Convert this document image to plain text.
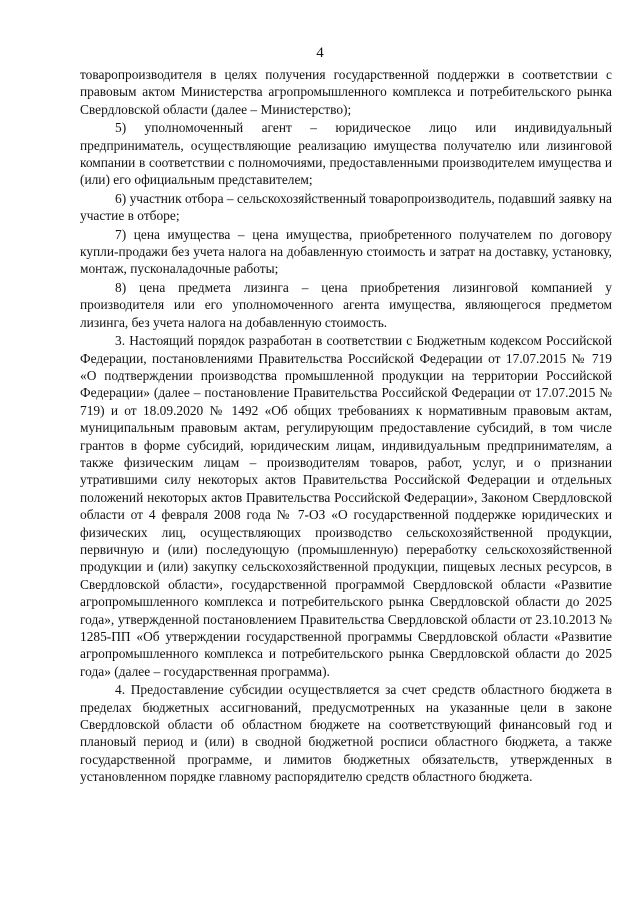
4

товаропроизводителя в целях получения государственной поддержки в соответствии с правовым актом Министерства агропромышленного комплекса и потребительского рынка Свердловской области (далее – Министерство);

5) уполномоченный агент – юридическое лицо или индивидуальный предприниматель, осуществляющие реализацию имущества получателю или лизинговой компании в соответствии с полномочиями, предоставленными производителем имущества и (или) его официальным представителем;

6) участник отбора – сельскохозяйственный товаропроизводитель, подавший заявку на участие в отборе;

7) цена имущества – цена имущества, приобретенного получателем по договору купли-продажи без учета налога на добавленную стоимость и затрат на доставку, установку, монтаж, пусконаладочные работы;

8) цена предмета лизинга – цена приобретения лизинговой компанией у производителя или его уполномоченного агента имущества, являющегося предметом лизинга, без учета налога на добавленную стоимость.

3. Настоящий порядок разработан в соответствии с Бюджетным кодексом Российской Федерации, постановлениями Правительства Российской Федерации от 17.07.2015 № 719 «О подтверждении производства промышленной продукции на территории Российской Федерации» (далее – постановление Правительства Российской Федерации от 17.07.2015 № 719) и от 18.09.2020 № 1492 «Об общих требованиях к нормативным правовым актам, муниципальным правовым актам, регулирующим предоставление субсидий, в том числе грантов в форме субсидий, юридическим лицам, индивидуальным предпринимателям, а также физическим лицам – производителям товаров, работ, услуг, и о признании утратившими силу некоторых актов Правительства Российской Федерации и отдельных положений некоторых актов Правительства Российской Федерации», Законом Свердловской области от 4 февраля 2008 года № 7-ОЗ «О государственной поддержке юридических и физических лиц, осуществляющих производство сельскохозяйственной продукции, первичную и (или) последующую (промышленную) переработку сельскохозяйственной продукции и (или) закупку сельскохозяйственной продукции, пищевых лесных ресурсов, в Свердловской области», государственной программой Свердловской области «Развитие агропромышленного комплекса и потребительского рынка Свердловской области до 2025 года», утвержденной постановлением Правительства Свердловской области от 23.10.2013 № 1285-ПП «Об утверждении государственной программы Свердловской области «Развитие агропромышленного комплекса и потребительского рынка Свердловской области до 2025 года» (далее – государственная программа).

4. Предоставление субсидии осуществляется за счет средств областного бюджета в пределах бюджетных ассигнований, предусмотренных на указанные цели в законе Свердловской области об областном бюджете на соответствующий финансовый год и плановый период и (или) в сводной бюджетной росписи областного бюджета, а также государственной программе, и лимитов бюджетных обязательств, утвержденных в установленном порядке главному распорядителю средств областного бюджета.
